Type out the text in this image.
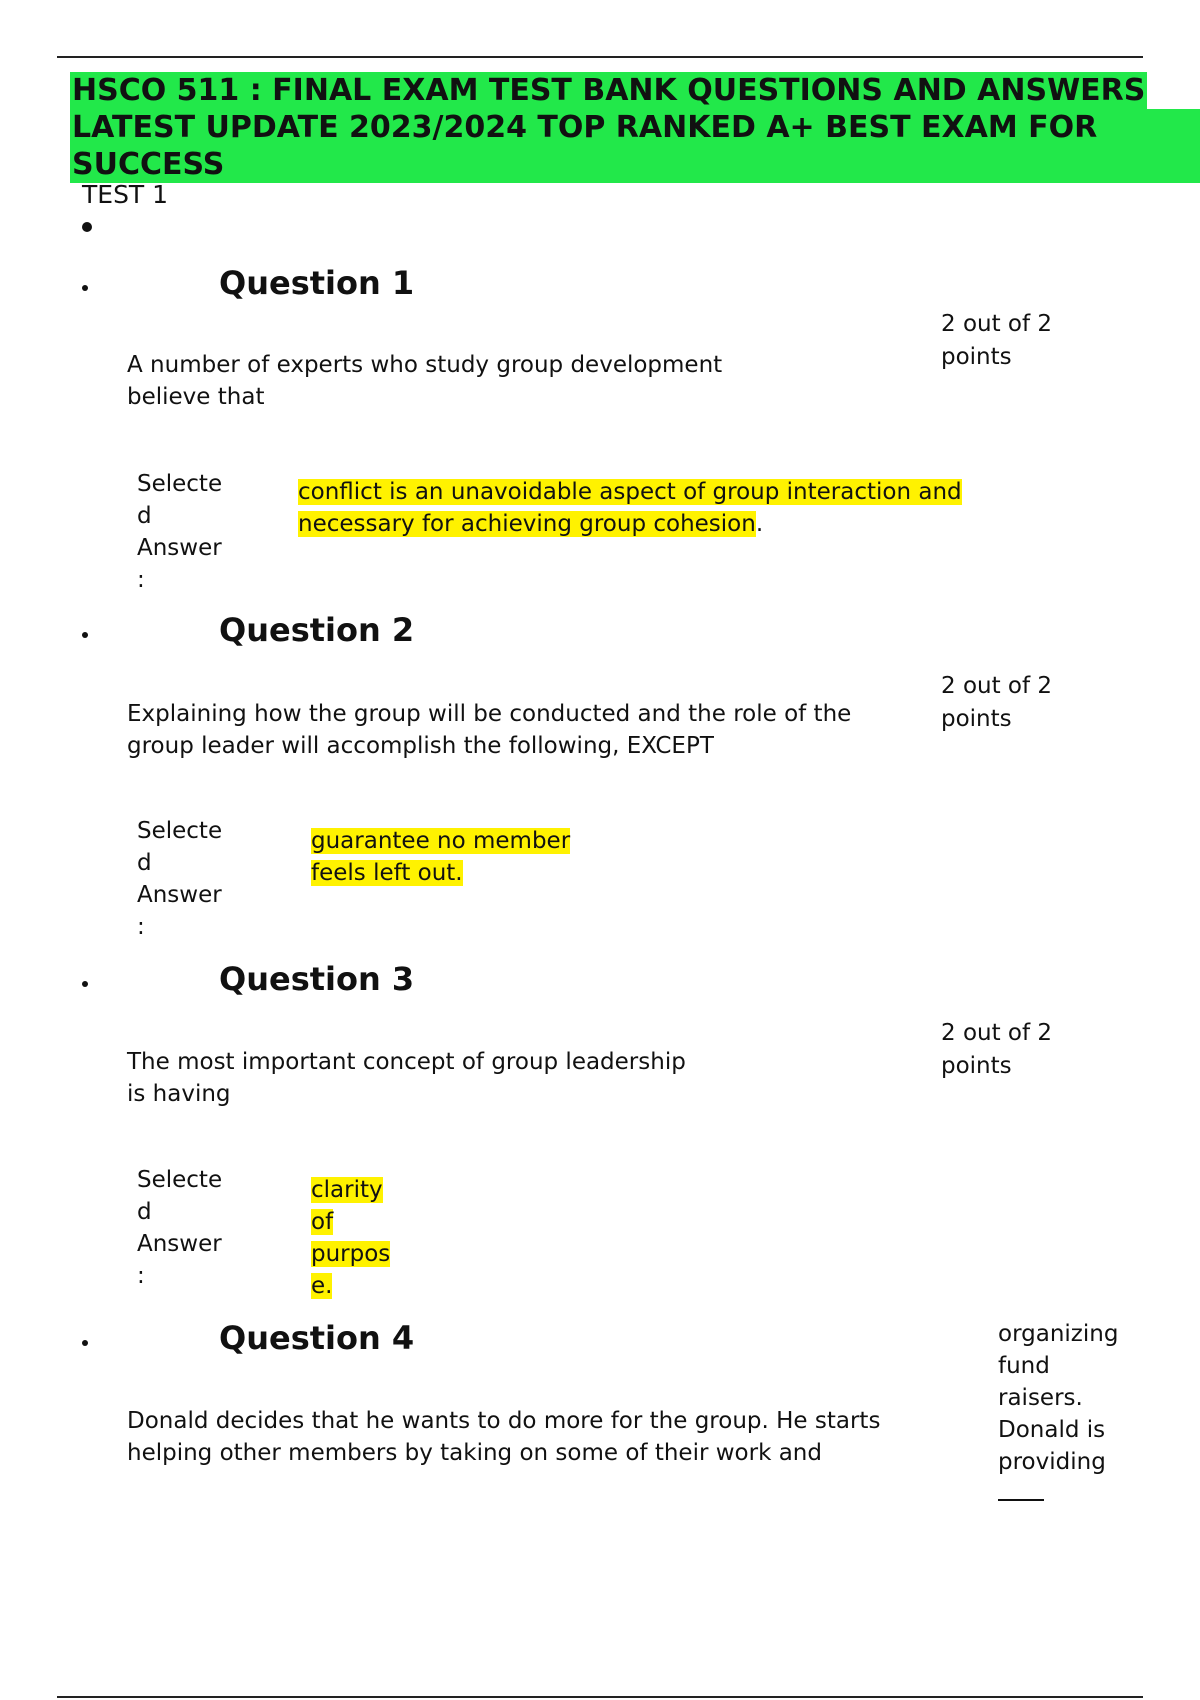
HSCO 511 : FINAL EXAM TEST BANK QUESTIONS AND ANSWERS
LATEST UPDATE 2023/2024 TOP RANKED A+ BEST EXAM FOR SUCCESS
TEST 1
Question 1
2 out of 2
points
A number of experts who study group development
believe that
Selecte
d
Answer
:
conflict is an unavoidable aspect of group interaction and
necessary for achieving group cohesion.
Question 2
2 out of 2
points
Explaining how the group will be conducted and the role of the
group leader will accomplish the following, EXCEPT
Selecte
d
Answer
:
guarantee no member
feels left out.
Question 3
2 out of 2
points
The most important concept of group leadership
is having
Selecte
d
Answer
:
clarity
of
purpos
e.
Question 4
Donald decides that he wants to do more for the group. He starts
helping other members by taking on some of their work and
organizing
fund
raisers.
Donald is
providing
